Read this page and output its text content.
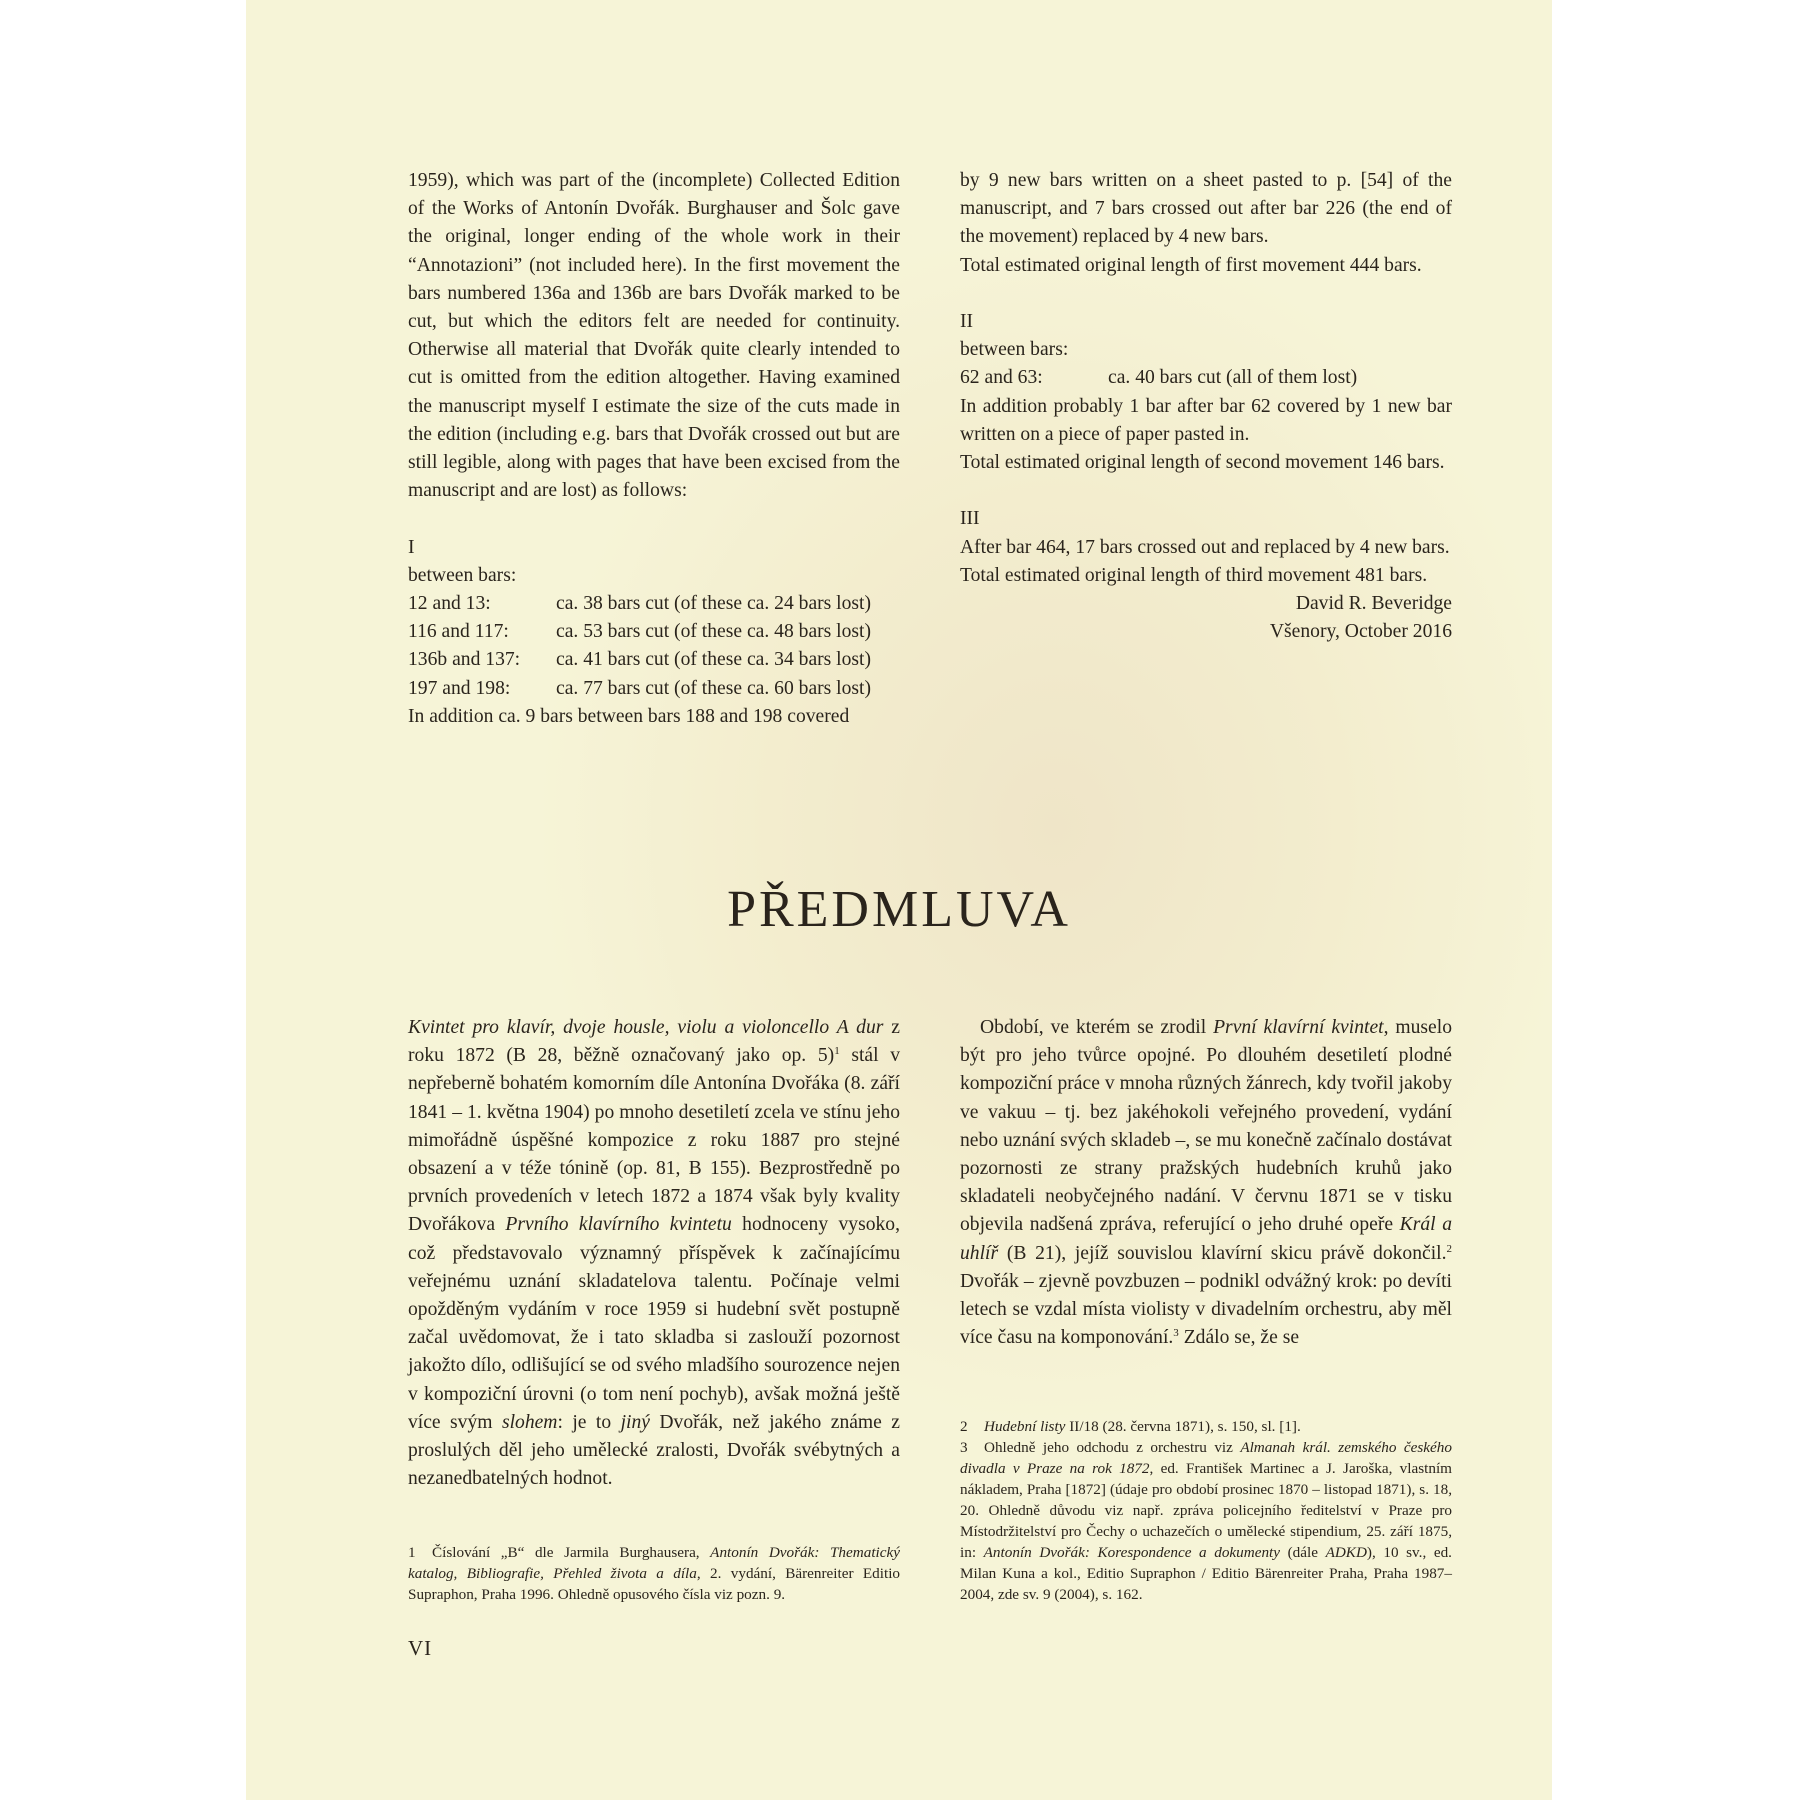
1959), which was part of the (incomplete) Collected Edition of the Works of Antonín Dvořák. Burghauser and Šolc gave the original, longer ending of the whole work in their “Annotazioni” (not included here). In the first movement the bars numbered 136a and 136b are bars Dvořák marked to be cut, but which the editors felt are needed for continuity. Otherwise all material that Dvořák quite clearly intended to cut is omitted from the edition altogether. Having examined the manuscript myself I estimate the size of the cuts made in the edition (including e.g. bars that Dvořák crossed out but are still legible, along with pages that have been excised from the manuscript and are lost) as follows:

I

between bars:

12 and 13:	ca. 38 bars cut (of these ca. 24 bars lost)
116 and 117:	ca. 53 bars cut (of these ca. 48 bars lost)
136b and 137:	ca. 41 bars cut (of these ca. 34 bars lost)
197 and 198:	ca. 77 bars cut (of these ca. 60 bars lost)

In addition ca. 9 bars between bars 188 and 198 covered

by 9 new bars written on a sheet pasted to p. [54] of the manuscript, and 7 bars crossed out after bar 226 (the end of the movement) replaced by 4 new bars.

Total estimated original length of first movement 444 bars.

II

between bars:

62 and 63:	ca. 40 bars cut (all of them lost)

In addition probably 1 bar after bar 62 covered by 1 new bar written on a piece of paper pasted in.

Total estimated original length of second movement 146 bars.

III

After bar 464, 17 bars crossed out and replaced by 4 new bars.

Total estimated original length of third movement 481 bars.

David R. Beveridge

Všenory, October 2016

PŘEDMLUVA

Kvintet pro klavír, dvoje housle, violu a violoncello A dur z roku 1872 (B 28, běžně označovaný jako op. 5)$^1$ stál v nepřeberně bohatém komorním díle Antonína Dvořáka (8. září 1841 – 1. května 1904) po mnoho desetiletí zcela ve stínu jeho mimořádně úspěšné kompozice z roku 1887 pro stejné obsazení a v téže tónině (op. 81, B 155). Bezprostředně po prvních provedeních v letech 1872 a 1874 však byly kvality Dvořákova Prvního klavírního kvintetu hodnoceny vysoko, což představovalo významný příspěvek k začínajícímu veřejnému uznání skladatelova talentu. Počínaje velmi opožděným vydáním v roce 1959 si hudební svět postupně začal uvědomovat, že i tato skladba si zaslouží pozornost jakožto dílo, odlišující se od svého mladšího sourozence nejen v kompoziční úrovni (o tom není pochyb), avšak možná ještě více svým slohem: je to jiný Dvořák, než jakého známe z proslulých děl jeho umělecké zralosti, Dvořák svébytných a nezanedbatelných hodnot.

Období, ve kterém se zrodil První klavírní kvintet, muselo být pro jeho tvůrce opojné. Po dlouhém desetiletí plodné kompoziční práce v mnoha různých žánrech, kdy tvořil jakoby ve vakuu – tj. bez jakéhokoli veřejného provedení, vydání nebo uznání svých skladeb –, se mu konečně začínalo dostávat pozornosti ze strany pražských hudebních kruhů jako skladateli neobyčejného nadání. V červnu 1871 se v tisku objevila nadšená zpráva, referující o jeho druhé opeře Král a uhlíř (B 21), jejíž souvislou klavírní skicu právě dokončil.$^2$ Dvořák – zjevně povzbuzen – podnikl odvážný krok: po devíti letech se vzdal místa violisty v divadelním orchestru, aby měl více času na komponování.$^3$ Zdálo se, že se

1 Číslování „B“ dle Jarmila Burghausera, Antonín Dvořák: Thematický katalog, Bibliografie, Přehled života a díla, 2. vydání, Bärenreiter Editio Supraphon, Praha 1996. Ohledně opusového čísla viz pozn. 9.

2 Hudební listy II/18 (28. června 1871), s. 150, sl. [1].

3 Ohledně jeho odchodu z orchestru viz Almanah král. zemského českého divadla v Praze na rok 1872, ed. František Martinec a J. Jaroška, vlastním nákladem, Praha [1872] (údaje pro období prosinec 1870 – listopad 1871), s. 18, 20. Ohledně důvodu viz např. zpráva policejního ředitelství v Praze pro Místodržitelství pro Čechy o uchazečích o umělecké stipendium, 25. září 1875, in: Antonín Dvořák: Korespondence a dokumenty (dále ADKD), 10 sv., ed. Milan Kuna a kol., Editio Supraphon / Editio Bärenreiter Praha, Praha 1987–2004, zde sv. 9 (2004), s. 162.

VI
